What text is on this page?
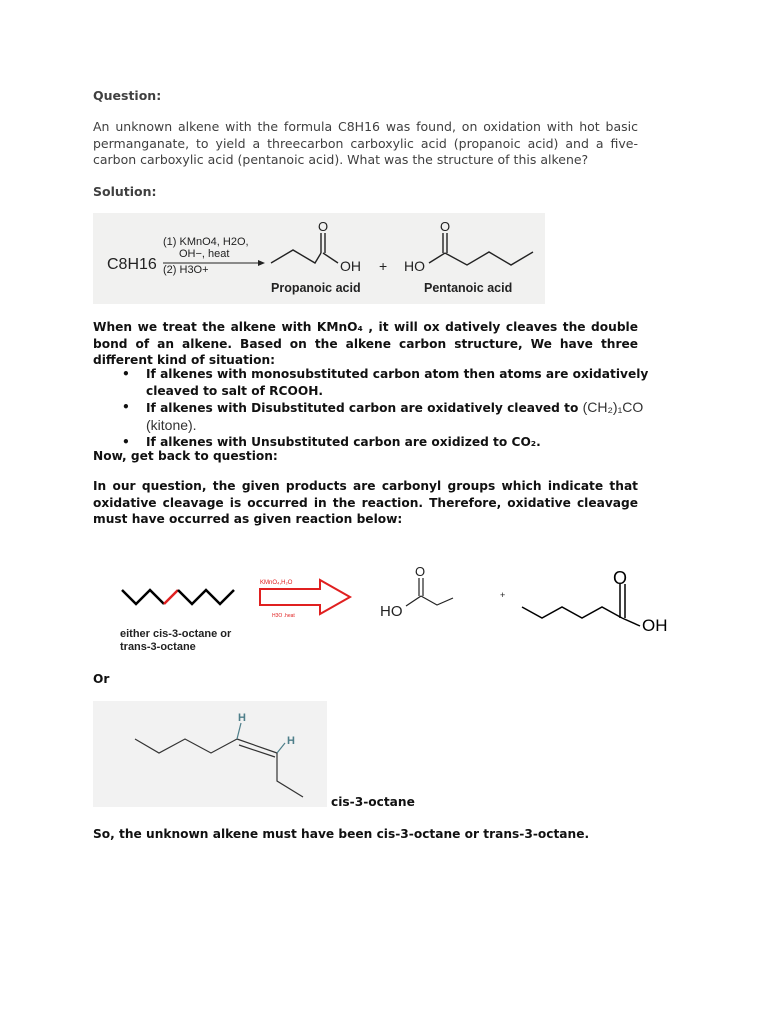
Question:
An unknown alkene with the formula C8H16 was found, on oxidation with hot basic permanganate, to yield a threecarbon carboxylic acid (propanoic acid) and a five-carbon carboxylic acid (pentanoic acid). What was the structure of this alkene?
Solution:
C8H16
(1) KMnO4, H2O,
OH−, heat
(2) H3O+
O
OH + HO
O
Propanoic acid	Pentanoic acid
When we treat the alkene with KMnO₄ , it will ox datively cleaves the double bond of an alkene. Based on the alkene carbon structure, We have three different kind of situation:
• If alkenes with monosubstituted carbon atom then atoms are oxidatively cleaved to salt of RCOOH.
• If alkenes with Disubstituted carbon are oxidatively cleaved to (CH₂)₁CO (kitone).
• If alkenes with Unsubstituted carbon are oxidized to CO₂.
Now, get back to question:
In our question, the given products are carbonyl groups which indicate that oxidative cleavage is occurred in the reaction. Therefore, oxidative cleavage must have occurred as given reaction below:
KMnO₄,H₂O
H3O .heat	HO
O
+
O
OH
either cis-3-octane or
trans-3-octane
Or
H
H
cis-3-octane
So, the unknown alkene must have been cis-3-octane or trans-3-octane.
